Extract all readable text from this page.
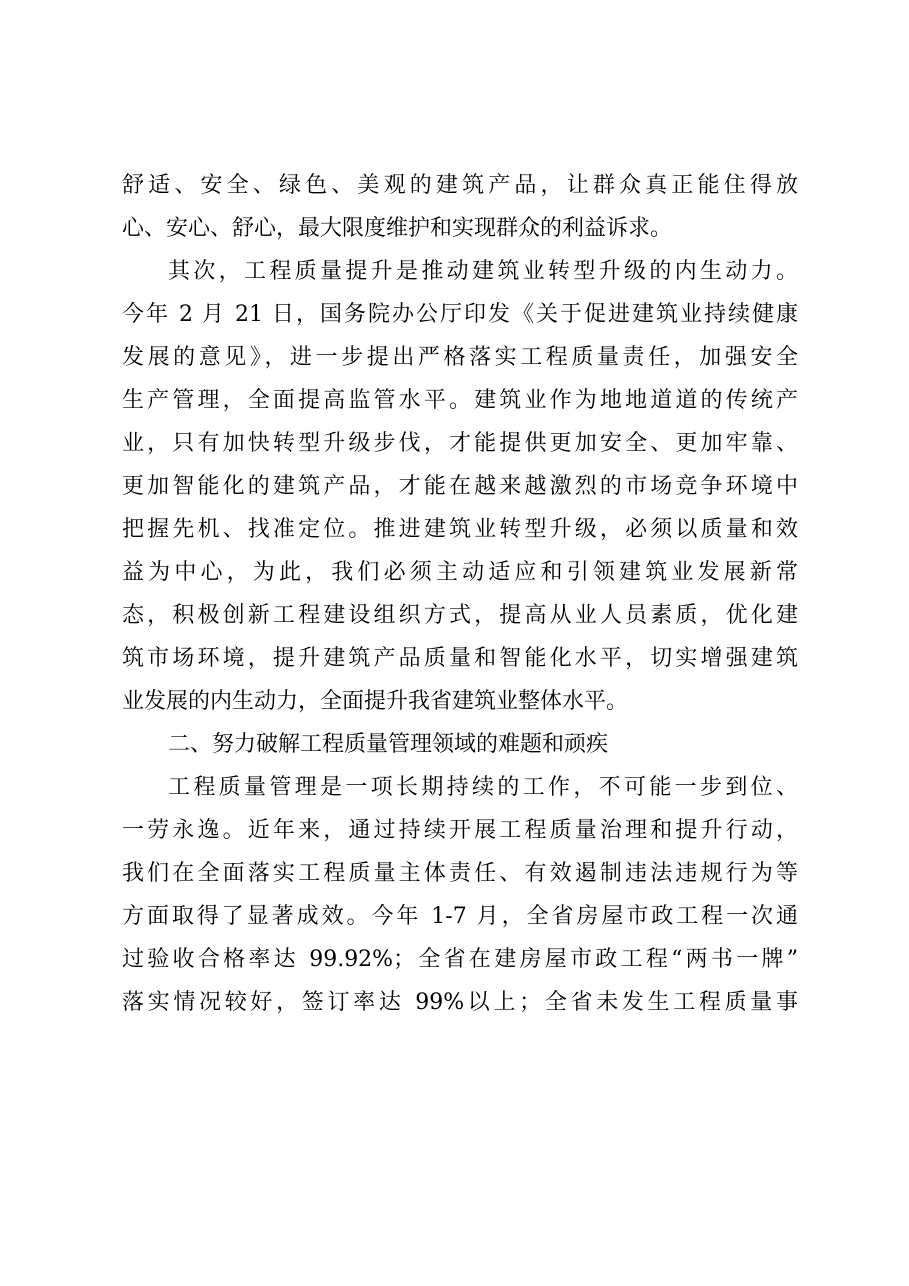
舒适、安全、绿色、美观的建筑产品，让群众真正能住得放
心、安心、舒心，最大限度维护和实现群众的利益诉求。
其次，工程质量提升是推动建筑业转型升级的内生动力。
今年 2 月 21 日，国务院办公厅印发《关于促进建筑业持续健康
发展的意见》，进一步提出严格落实工程质量责任，加强安全
生产管理，全面提高监管水平。建筑业作为地地道道的传统产
业，只有加快转型升级步伐，才能提供更加安全、更加牢靠、
更加智能化的建筑产品，才能在越来越激烈的市场竞争环境中
把握先机、找准定位。推进建筑业转型升级，必须以质量和效
益为中心，为此，我们必须主动适应和引领建筑业发展新常
态，积极创新工程建设组织方式，提高从业人员素质，优化建
筑市场环境，提升建筑产品质量和智能化水平，切实增强建筑
业发展的内生动力，全面提升我省建筑业整体水平。
二、努力破解工程质量管理领域的难题和顽疾
工程质量管理是一项长期持续的工作，不可能一步到位、
一劳永逸。近年来，通过持续开展工程质量治理和提升行动，
我们在全面落实工程质量主体责任、有效遏制违法违规行为等
方面取得了显著成效。今年 1-7 月，全省房屋市政工程一次通
过验收合格率达 99.92%；全省在建房屋市政工程“两书一牌”
落实情况较好，签订率达 99%以上；全省未发生工程质量事
